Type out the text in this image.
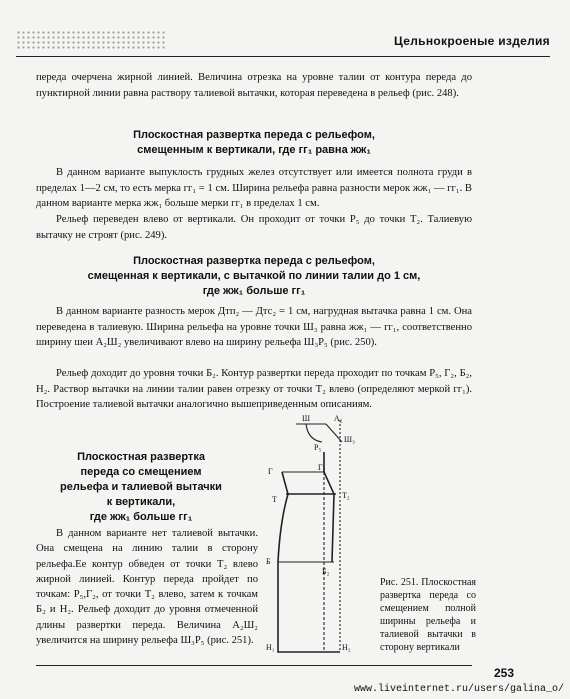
Цельнокроеные изделия

переда очерчена жирной линией. Величина отрезка на уровне талии от контура переда до пунктирной линии равна раствору талиевой вытачки, которая переведена в рельеф (рис. 248).

Плоскостная развертка переда с рельефом,
смещенным к вертикали, где гг₁ равна жж₁

В данном варианте выпуклость грудных желез отсутствует или имеется полнота груди в пределах 1—2 см, то есть мерка гг₁ = 1 см. Ширина рельефа равна разности мерок жж₁ — гг₁. В данном варианте мерка жж₁ больше мерки гг₁ в пределах 1 см.

Рельеф переведен влево от вертикали. Он проходит от точки Р₅ до точки Т₂. Талиевую вытачку не строят (рис. 249).

Плоскостная развертка переда с рельефом,
смещенная к вертикали, с вытачкой по линии талии до 1 см,
где жж₁ больше гг₁

В данном варианте разность мерок Дтп₂ — Дтс₂ = 1 см, нагрудная вытачка равна 1 см. Она переведена в талиевую. Ширина рельефа на уровне точки Ш₃ равна жж₁ — гг₁, соответственно ширину шеи А₂Ш₂ увеличивают влево на ширину рельефа Ш₃Р₅ (рис. 250).

Рельеф доходит до уровня точки Б₂. Контур развертки переда проходит по точкам Р₅, Г₂, Б₂, Н₂. Раствор вытачки на линии талии равен отрезку от точки Т₂ влево (определяют меркой гг₁). Построение талиевой вытачки аналогично вышеприведенным описаниям.

Плоскостная развертка
переда со смещением
рельефа и талиевой вытачки
к вертикали,
где жж₁ больше гг₁

В данном варианте нет талиевой вытачки. Она смещена на линию талии в сторону рельефа.Ее контур обведен от точки Т₂ влево жирной линией. Контур переда пройдет по точкам: Р₅,Г₂, от точки Т₂ влево, затем к точкам Б₂ и Н₂. Рельеф доходит до уровня отмеченной длины развертки переда. Величина А₂Ш₂ увеличится на ширину рельефа Ш₃Р₅ (рис. 251).

Ш	А₂
Ш₃
Р₅
Г	Г₂
Т	Т₂
Б
Б₂
Н₁	Н₂
Рис. 251. Плоскостная развертка переда со смещением полной ширины рельефа и талиевой вытачки в сторону вертикали
253
www.liveinternet.ru/users/galina_o/
